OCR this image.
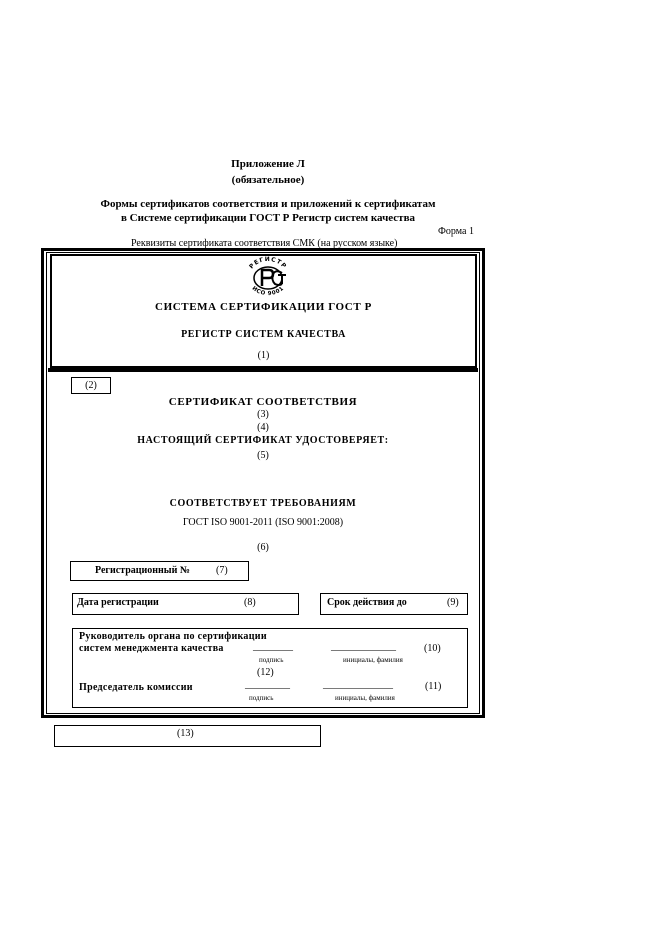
Приложение Л
(обязательное)
Формы сертификатов соответствия и приложений к сертификатам
в Системе сертификации ГОСТ Р Регистр систем качества
Форма 1
Реквизиты сертификата соответствия СМК (на русском языке)
РЕГИСТР
ИСО 9001
СИСТЕМА СЕРТИФИКАЦИИ ГОСТ Р
РЕГИСТР СИСТЕМ КАЧЕСТВА
(1)
(2)
СЕРТИФИКАТ СООТВЕТСТВИЯ
(3)
(4)
НАСТОЯЩИЙ СЕРТИФИКАТ УДОСТОВЕРЯЕТ:
(5)
СООТВЕТСТВУЕТ ТРЕБОВАНИЯМ
ГОСТ ISO 9001-2011 (ISO 9001:2008)
(6)
Регистрационный №	(7)
Дата регистрации	(8)	Срок действия до	(9)
Руководитель органа по сертификации
систем менеджмента качества	________	_____________	(10)
подпись	инициалы, фамилия
(12)
Председатель комиссии	_________	______________	(11)
подпись	инициалы, фамилия
(13)
